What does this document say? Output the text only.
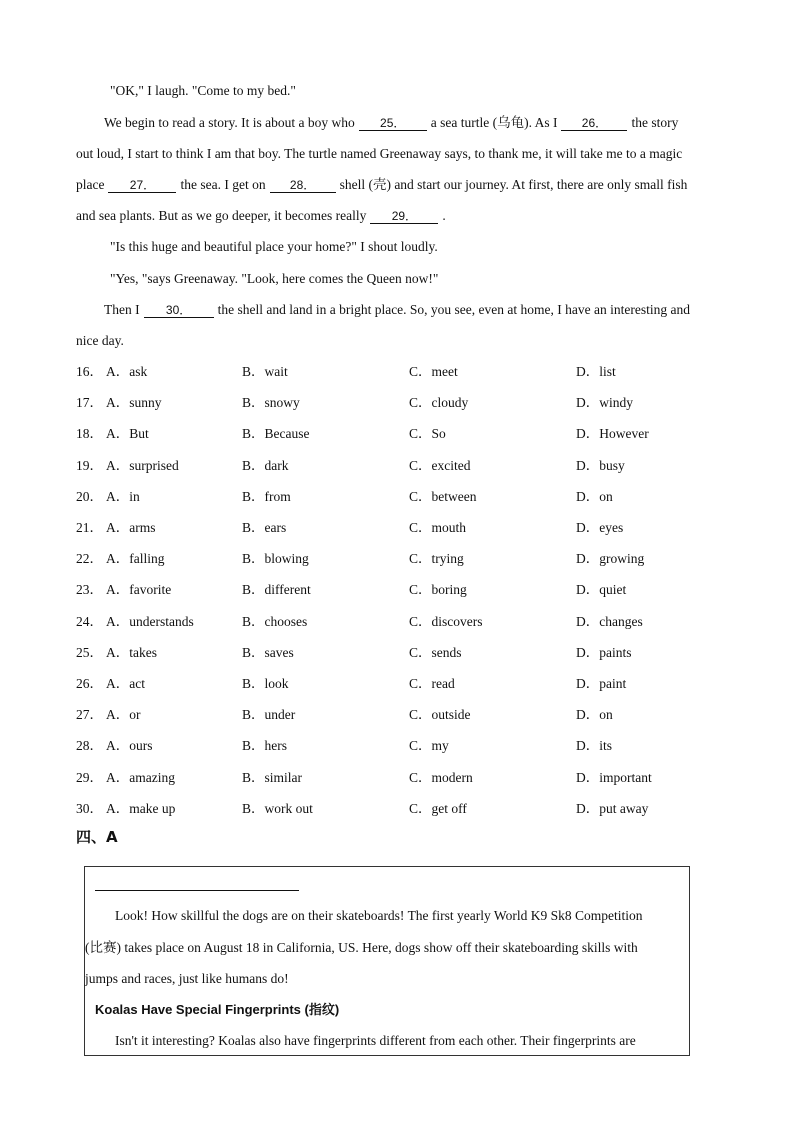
"OK," I laugh. "Come to my bed."
We begin to read a story. It is about a boy who 25． a sea turtle (乌龟). As I 26． the story
out loud, I start to think I am that boy. The turtle named Greenaway says, to thank me, it will take me to a magic
place 27． the sea. I get on 28． shell (壳) and start our journey. At first, there are only small fish
and sea plants. But as we go deeper, it becomes really 29． .
"Is this huge and beautiful place your home?" I shout loudly.
"Yes, "says Greenaway. "Look, here comes the Queen now!"
Then I 30． the shell and land in a bright place. So, you see, even at home, I have an interesting and
nice day.
16． A．ask	B．wait	C．meet	D．list
17． A．sunny	B．snowy	C．cloudy	D．windy
18． A．But	B．Because	C．So	D．However
19． A．surprised	B．dark	C．excited	D．busy
20． A．in	B．from	C．between	D．on
21． A．arms	B．ears	C．mouth	D．eyes
22． A．falling	B．blowing	C．trying	D．growing
23． A．favorite	B．different	C．boring	D．quiet
24． A．understands	B．chooses	C．discovers	D．changes
25． A．takes	B．saves	C．sends	D．paints
26． A．act	B．look	C．read	D．paint
27． A．or	B．under	C．outside	D．on
28． A．ours	B．hers	C．my	D．its
29． A．amazing	B．similar	C．modern	D．important
30． A．make up	B．work out	C．get off	D．put away
四、A
Look! How skillful the dogs are on their skateboards! The first yearly World K9 Sk8 Competition
(比赛) takes place on August 18 in California, US. Here, dogs show off their skateboarding skills with
jumps and races, just like humans do!
Koalas Have Special Fingerprints (指纹)
Isn't it interesting? Koalas also have fingerprints different from each other. Their fingerprints are
